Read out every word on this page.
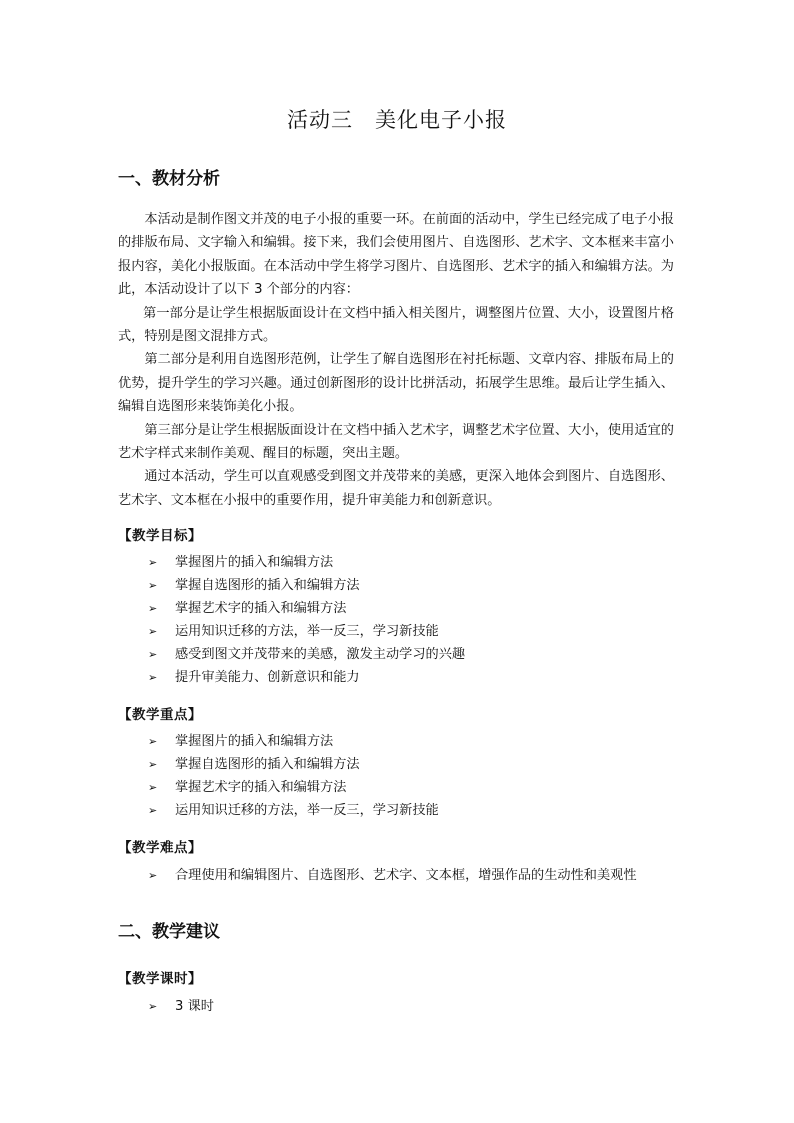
活动三　美化电子小报
一、教材分析

本活动是制作图文并茂的电子小报的重要一环。在前面的活动中，学生已经完成了电子小报的排版布局、文字输入和编辑。接下来，我们会使用图片、自选图形、艺术字、文本框来丰富小报内容，美化小报版面。在本活动中学生将学习图片、自选图形、艺术字的插入和编辑方法。为此，本活动设计了以下 3 个部分的内容：

第一部分是让学生根据版面设计在文档中插入相关图片，调整图片位置、大小，设置图片格式，特别是图文混排方式。

第二部分是利用自选图形范例，让学生了解自选图形在衬托标题、文章内容、排版布局上的优势，提升学生的学习兴趣。通过创新图形的设计比拼活动，拓展学生思维。最后让学生插入、编辑自选图形来装饰美化小报。

第三部分是让学生根据版面设计在文档中插入艺术字，调整艺术字位置、大小，使用适宜的艺术字样式来制作美观、醒目的标题，突出主题。

通过本活动，学生可以直观感受到图文并茂带来的美感，更深入地体会到图片、自选图形、艺术字、文本框在小报中的重要作用，提升审美能力和创新意识。

【教学目标】
➢	掌握图片的插入和编辑方法
➢	掌握自选图形的插入和编辑方法
➢	掌握艺术字的插入和编辑方法
➢	运用知识迁移的方法，举一反三，学习新技能
➢	感受到图文并茂带来的美感，激发主动学习的兴趣
➢	提升审美能力、创新意识和能力
【教学重点】
➢	掌握图片的插入和编辑方法
➢	掌握自选图形的插入和编辑方法
➢	掌握艺术字的插入和编辑方法
➢	运用知识迁移的方法，举一反三，学习新技能
【教学难点】
➢	合理使用和编辑图片、自选图形、艺术字、文本框，增强作品的生动性和美观性
二、教学建议
【教学课时】
➢	3 课时
